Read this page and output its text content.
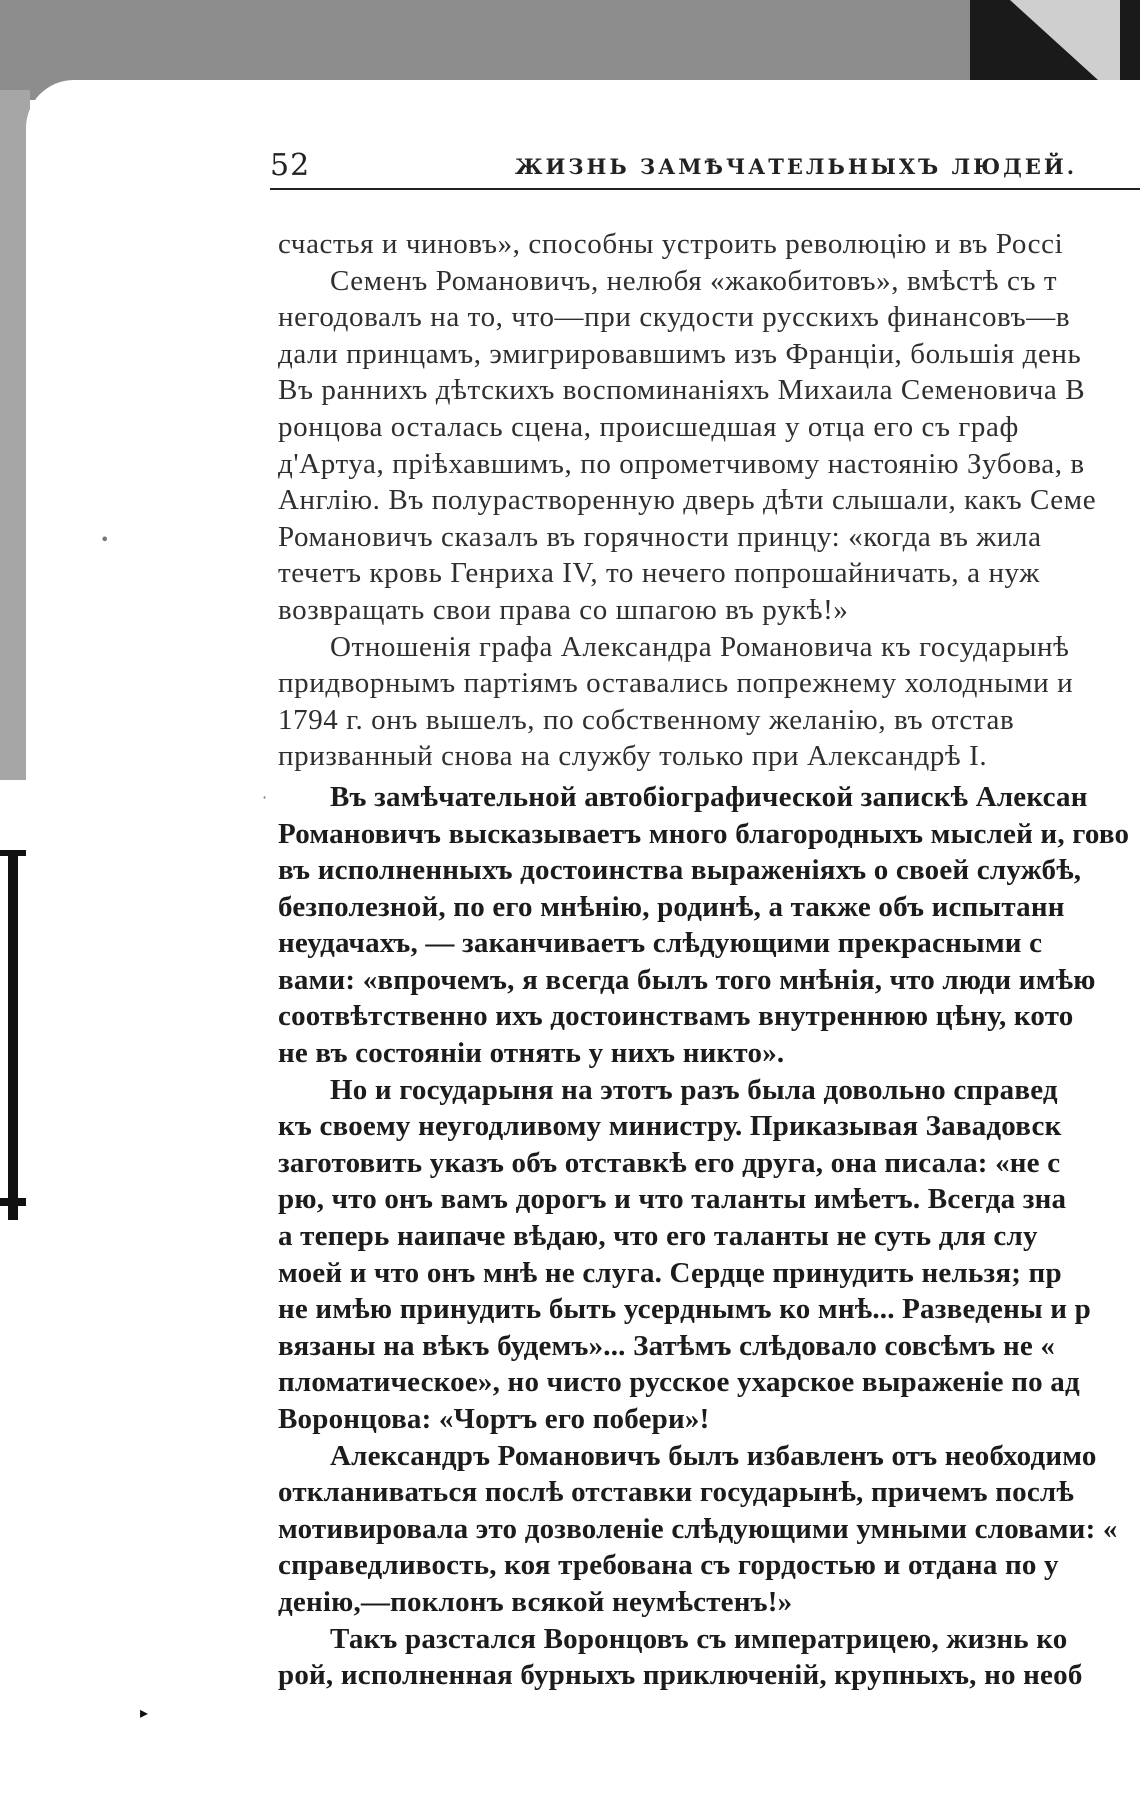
•
·
▸
52	ЖИЗНЬ ЗАМѢЧАТЕЛЬНЫХЪ ЛЮДЕЙ.
счастья и чиновъ», способны устроить революцію и въ Россі
Семенъ Романовичъ, нелюбя «жакобитовъ», вмѣстѣ съ т
негодовалъ на то, что—при скудости русскихъ финансовъ—в
дали принцамъ, эмигрировавшимъ изъ Франціи, большія день
Въ раннихъ дѣтскихъ воспоминаніяхъ Михаила Семеновича В
ронцова осталась сцена, происшедшая у отца его съ граф
д'Артуа, пріѣхавшимъ, по опрометчивому настоянію Зубова, в
Англію. Въ полурастворенную дверь дѣти слышали, какъ Семе
Романовичъ сказалъ въ горячности принцу: «когда въ жила
течетъ кровь Генриха IV, то нечего попрошайничать, а нуж
возвращать свои права со шпагою въ рукѣ!»
Отношенія графа Александра Романовича къ государынѣ
придворнымъ партіямъ оставались попрежнему холодными и
1794 г. онъ вышелъ, по собственному желанію, въ отстав
призванный снова на службу только при Александрѣ I.
Въ замѣчательной автобіографической запискѣ Алексан
Романовичъ высказываетъ много благородныхъ мыслей и, гово
въ исполненныхъ достоинства выраженіяхъ о своей службѣ,
безполезной, по его мнѣнію, родинѣ, а также объ испытанн
неудачахъ, — заканчиваетъ слѣдующими прекрасными с
вами: «впрочемъ, я всегда былъ того мнѣнія, что люди имѣю
соотвѣтственно ихъ достоинствамъ внутреннюю цѣну, кото
не въ состояніи отнять у нихъ никто».
Но и государыня на этотъ разъ была довольно справед
къ своему неугодливому министру. Приказывая Завадовск
заготовить указъ объ отставкѣ его друга, она писала: «не с
рю, что онъ вамъ дорогъ и что таланты имѣетъ. Всегда зна
а теперь наипаче вѣдаю, что его таланты не суть для слу
моей и что онъ мнѣ не слуга. Сердце принудить нельзя; пр
не имѣю принудить быть усерднымъ ко мнѣ... Разведены и р
вязаны на вѣкъ будемъ»... Затѣмъ слѣдовало совсѣмъ не «
пломатическое», но чисто русское ухарское выраженіе по ад
Воронцова: «Чортъ его побери»!
Александръ Романовичъ былъ избавленъ отъ необходимо
откланиваться послѣ отставки государынѣ, причемъ послѣ
мотивировала это дозволеніе слѣдующими умными словами: «
справедливость, коя требована съ гордостью и отдана по у
денію,—поклонъ всякой неумѣстенъ!»
Такъ разстался Воронцовъ съ императрицею, жизнь ко
рой, исполненная бурныхъ приключеній, крупныхъ, но необ
